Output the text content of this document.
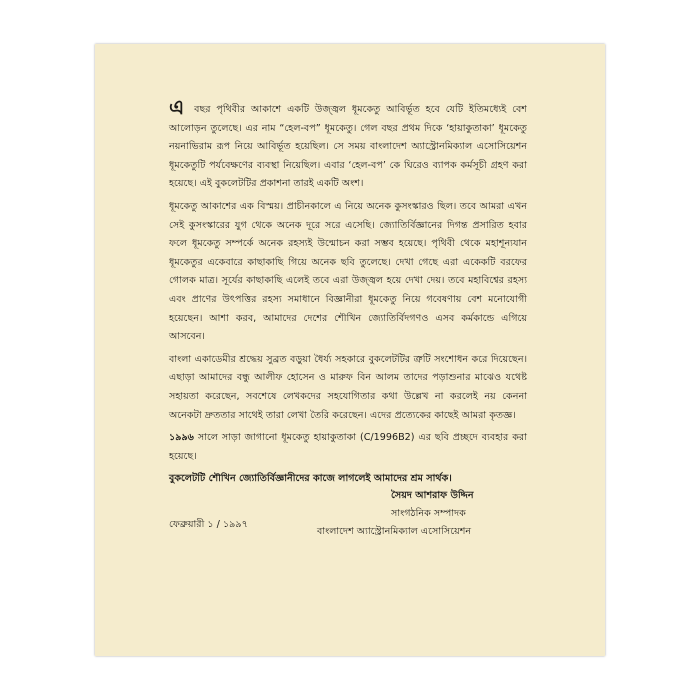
এ বছর পৃথিবীর আকাশে একটি উজ্জ্বল ধূমকেতু আবির্ভূত হবে যেটি ইতিমধ্যেই বেশ আলোড়ন তুলেছে। এর নাম “হেল-বপ” ধূমকেতু। গেল বছর প্রথম দিকে ‘হায়াকুতাকা’ ধূমকেতু নয়নাভিরাম রূপ নিয়ে আবির্ভূত হয়েছিল। সে সময় বাংলাদেশ অ্যাস্ট্রোনমিক্যাল এসোসিয়েশন ধূমকেতুটি পর্যবেক্ষণের ব্যবস্থা নিয়েছিল। এবার ‘হেল-বপ’ কে ঘিরেও ব্যাপক কর্মসূচী গ্রহণ করা হয়েছে। এই বুকলেটটির প্রকাশনা তারই একটি অংশ।

ধূমকেতু আকাশের এক বিস্ময়। প্রাচীনকালে এ নিয়ে অনেক কুসংস্কারও ছিল। তবে আমরা এখন সেই কুসংস্কারের যুগ থেকে অনেক দূরে সরে এসেছি। জ্যোতির্বিজ্ঞানের দিগন্ত প্রসারিত হবার ফলে ধূমকেতু সম্পর্কে অনেক রহস্যই উন্মোচন করা সম্ভব হয়েছে। পৃথিবী থেকে মহাশূন্যযান ধূমকেতুর একেবারে কাছাকাছি গিয়ে অনেক ছবি তুলেছে। দেখা গেছে এরা একেকটি বরফের গোলক মাত্র। সূর্যের কাছাকাছি এলেই তবে এরা উজ্জ্বল হয়ে দেখা দেয়। তবে মহাবিশ্বের রহস্য এবং প্রাণের উৎপত্তির রহস্য সমাধানে বিজ্ঞানীরা ধূমকেতু নিয়ে গবেষণায় বেশ মনোযোগী হয়েছেন। আশা করব, আমাদের দেশের শৌখিন জ্যোতির্বিদগণও এসব কর্মকান্ডে এগিয়ে আসবেন।

বাংলা একাডেমীর শ্রদ্ধেয় সুব্রত বড়ুয়া ধৈর্য্য সহকারে বুকলেটটির ত্রুটি সংশোধন করে দিয়েছেন। এছাড়া আমাদের বন্ধু আলীফ হোসেন ও মারুফ বিন আলম তাদের পড়াশুনার মাঝেও যথেষ্ট সহায়তা করেছেন, সবশেষে লেখকদের সহযোগিতার কথা উল্লেখ না করলেই নয় কেননা অনেকটা দ্রুততার সাথেই তারা লেখা তৈরি করেছেন। এদের প্রত্যেকের কাছেই আমরা কৃতজ্ঞ।

১৯৯৬ সালে সাড়া জাগানো ধূমকেতু হায়াকুতাকা (C/1996B2) এর ছবি প্রচ্ছদে ব্যবহার করা হয়েছে।

বুকলেটটি শৌখিন জ্যোতির্বিজ্ঞানীদের কাজে লাগলেই আমাদের শ্রম সার্থক।

সৈয়দ আশরাফ উদ্দিন
সাংগঠনিক সম্পাদক
বাংলাদেশ অ্যাস্ট্রোনমিক্যাল এসোসিয়েশন
ফেব্রুয়ারী ১ / ১৯৯৭
